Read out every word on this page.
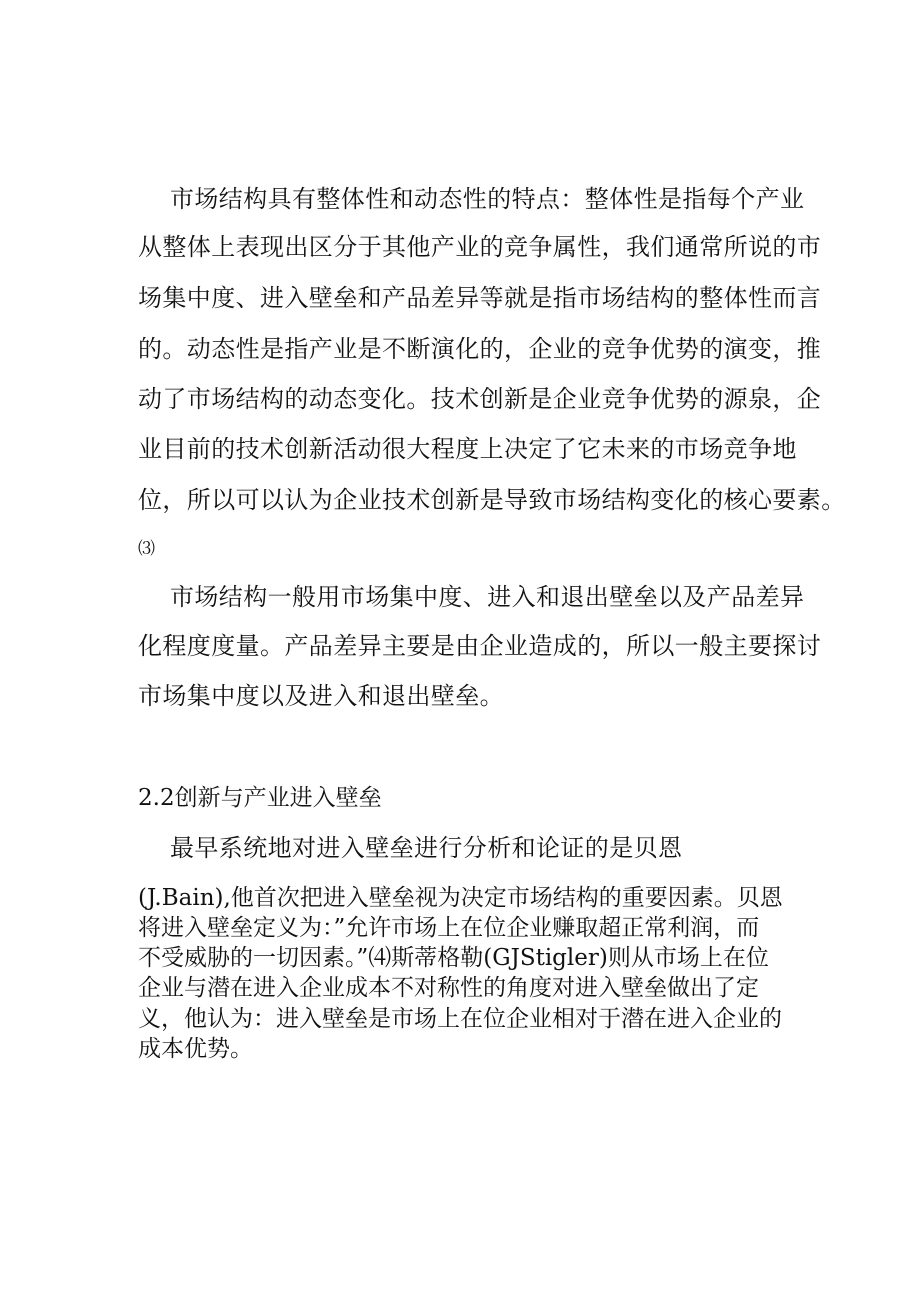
市场结构具有整体性和动态性的特点：整体性是指每个产业
从整体上表现出区分于其他产业的竞争属性，我们通常所说的市
场集中度、进入壁垒和产品差异等就是指市场结构的整体性而言
的。动态性是指产业是不断演化的，企业的竞争优势的演变，推
动了市场结构的动态变化。技术创新是企业竞争优势的源泉，企
业目前的技术创新活动很大程度上决定了它未来的市场竞争地
位，所以可以认为企业技术创新是导致市场结构变化的核心要素。
⑶
市场结构一般用市场集中度、进入和退出壁垒以及产品差异
化程度度量。产品差异主要是由企业造成的，所以一般主要探讨
市场集中度以及进入和退出壁垒。
2.2创新与产业进入壁垒
最早系统地对进入壁垒进行分析和论证的是贝恩
(J.Bain),他首次把进入壁垒视为决定市场结构的重要因素。贝恩
将进入壁垒定义为：”允许市场上在位企业赚取超正常利润，而
不受威胁的一切因素。”⑷斯蒂格勒(GJStigler)则从市场上在位
企业与潜在进入企业成本不对称性的角度对进入壁垒做出了定
义，他认为：进入壁垒是市场上在位企业相对于潜在进入企业的
成本优势。
